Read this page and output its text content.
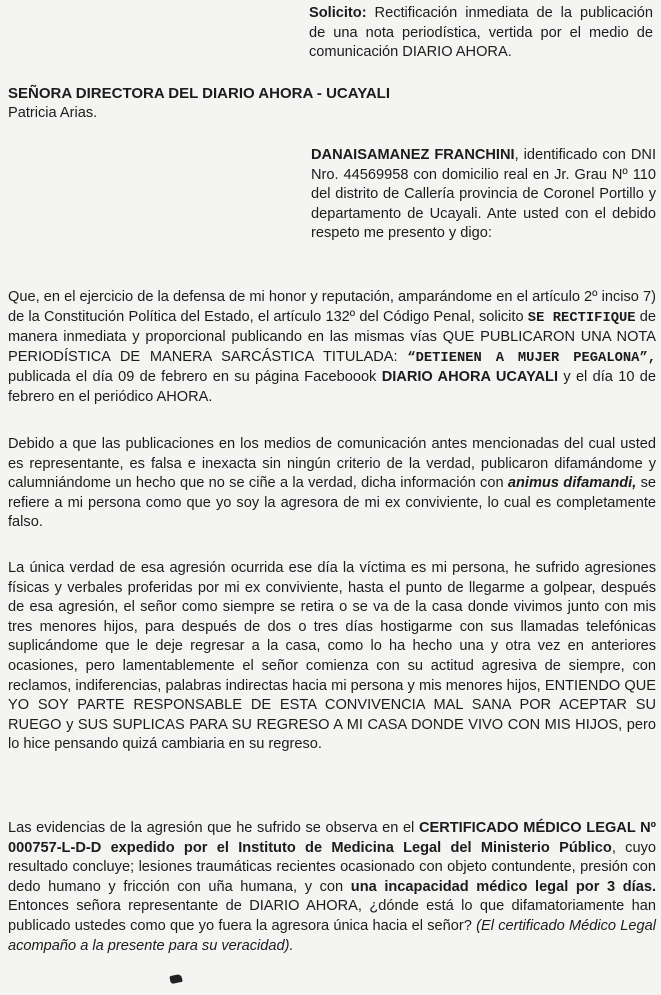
Solicito: Rectificación inmediata de la publicación de una nota periodística, vertida por el medio de comunicación DIARIO AHORA.
SEÑORA DIRECTORA DEL DIARIO AHORA - UCAYALI
Patricia Arias.
DANAISAMANEZ FRANCHINI, identificado con DNI Nro. 44569958 con domicilio real en Jr. Grau Nº 110 del distrito de Callería provincia de Coronel Portillo y departamento de Ucayali. Ante usted con el debido respeto me presento y digo:
Que, en el ejercicio de la defensa de mi honor y reputación, amparándome en el artículo 2º inciso 7) de la Constitución Política del Estado, el artículo 132º del Código Penal, solicito SE RECTIFIQUE de manera inmediata y proporcional publicando en las mismas vías QUE PUBLICARON UNA NOTA PERIODÍSTICA DE MANERA SARCÁSTICA TITULADA: “DETIENEN A MUJER PEGALONA”, publicada el día 09 de febrero en su página Faceboook DIARIO AHORA UCAYALI y el día 10 de febrero en el periódico AHORA.
Debido a que las publicaciones en los medios de comunicación antes mencionadas del cual usted es representante, es falsa e inexacta sin ningún criterio de la verdad, publicaron difamándome y calumniándome un hecho que no se ciñe a la verdad, dicha información con animus difamandi, se refiere a mi persona como que yo soy la agresora de mi ex conviviente, lo cual es completamente falso.
La única verdad de esa agresión ocurrida ese día la víctima es mi persona, he sufrido agresiones físicas y verbales proferidas por mi ex conviviente, hasta el punto de llegarme a golpear, después de esa agresión, el señor como siempre se retira o se va de la casa donde vivimos junto con mis tres menores hijos, para después de dos o tres días hostigarme con sus llamadas telefónicas suplicándome que le deje regresar a la casa, como lo ha hecho una y otra vez en anteriores ocasiones, pero lamentablemente el señor comienza con su actitud agresiva de siempre, con reclamos, indiferencias, palabras indirectas hacia mi persona y mis menores hijos, ENTIENDO QUE YO SOY PARTE RESPONSABLE DE ESTA CONVIVENCIA MAL SANA POR ACEPTAR SU RUEGO y SUS SUPLICAS PARA SU REGRESO A MI CASA DONDE VIVO CON MIS HIJOS, pero lo hice pensando quizá cambiaria en su regreso.
Las evidencias de la agresión que he sufrido se observa en el CERTIFICADO MÉDICO LEGAL Nº 000757-L-D-D expedido por el Instituto de Medicina Legal del Ministerio Público, cuyo resultado concluye; lesiones traumáticas recientes ocasionado con objeto contundente, presión con dedo humano y fricción con uña humana, y con una incapacidad médico legal por 3 días. Entonces señora representante de DIARIO AHORA, ¿dónde está lo que difamatoriamente han publicado ustedes como que yo fuera la agresora única hacia el señor? (El certificado Médico Legal acompaño a la presente para su veracidad).
